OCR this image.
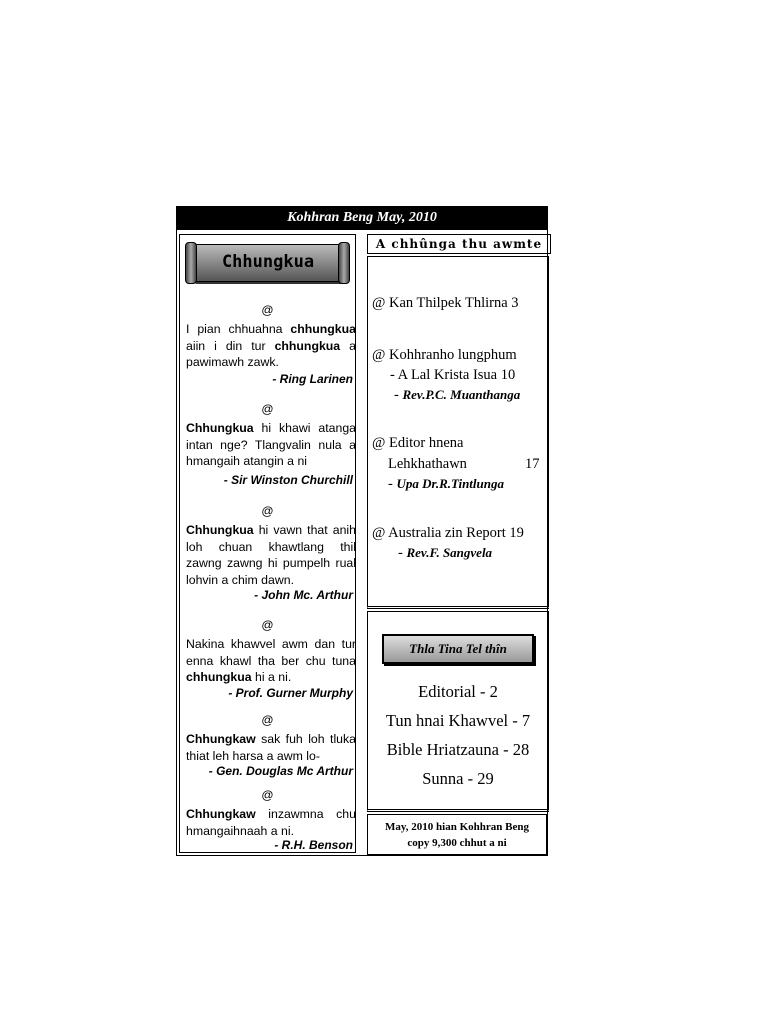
Kohhran Beng May, 2010
Chhungkua
@
I pian chhuahna chhungkua aiin i din tur chhungkua a pawimawh zawk.
- Ring Larinen
@
Chhungkua hi khawi atanga intan nge? Tlangvalin nula a hmangaih atangin a ni
- Sir Winston Churchill
@
Chhungkua hi vawn that anih loh chuan khawtlang thil zawng zawng hi pumpelh rual lohvin a chim dawn.
- John Mc. Arthur
@
Nakina khawvel awm dan tur enna khawl tha ber chu tuna chhungkua hi a ni.
- Prof. Gurner Murphy
@
Chhungkaw sak fuh loh tluka thiat leh harsa a awm lo-
- Gen. Douglas Mc Arthur
@
Chhungkaw inzawmna chu hmangaihnaah a ni.
- R.H. Benson
A chhûnga thu awmte
@ Kan Thilpek Thlirna 3
@ Kohhranho lungphum
- A Lal Krista Isua 10
- Rev.P.C. Muanthanga
@ Editor hnena
Lehkhathawn	17
- Upa Dr.R.Tintlunga
@ Australia zin Report 19
- Rev.F. Sangvela
Thla Tina Tel thîn
Editorial - 2
Tun hnai Khawvel - 7
Bible Hriatzauna - 28
Sunna - 29
May, 2010 hian Kohhran Beng
copy 9,300 chhut a ni
